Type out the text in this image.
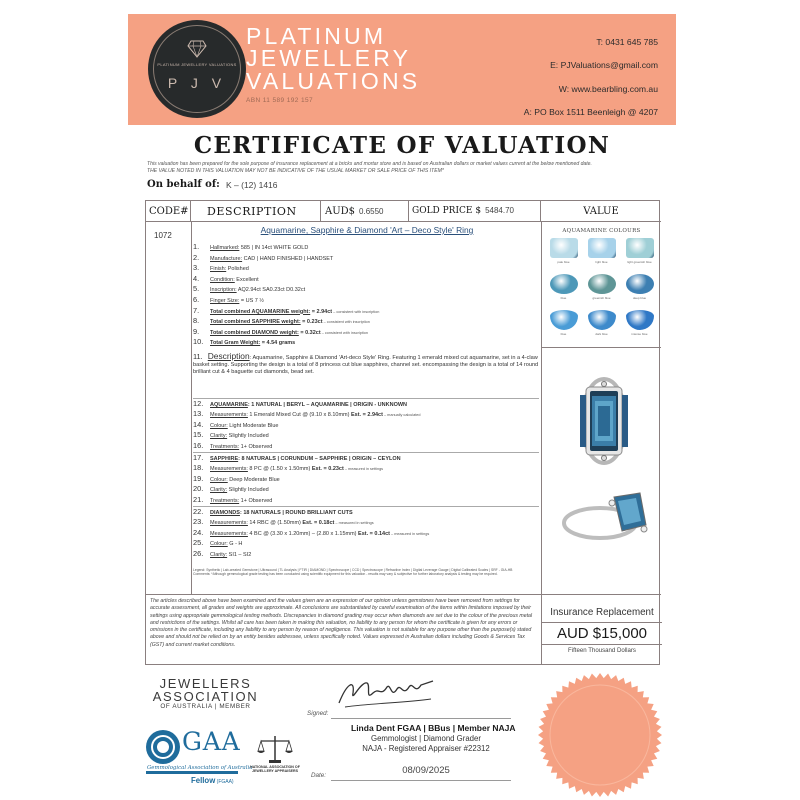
PLATINUM JEWELLERY VALUATIONS
P J V
PLATINUM
JEWELLERY
VALUATIONS
ABN 11 589 192 157
T: 0431 645 785
E: PJValuations@gmail.com
W: www.bearbling.com.au
A: PO Box 1511 Beenleigh @ 4207
CERTIFICATE OF VALUATION
This valuation has been prepared for the sole purpose of insurance replacement at a bricks and mortar store and is based on Australian dollars or market values current at the below mentioned date.
THE VALUE NOTED IN THIS VALUATION MAY NOT BE INDICATIVE OF THE USUAL MARKET OR SALE PRICE OF THIS ITEM*
On behalf of: K – (12) 1416
CODE#	DESCRIPTION	AUD$ 0.6550	GOLD PRICE $ 5484.70	VALUE
1072
Aquamarine, Sapphire & Diamond 'Art – Deco Style' Ring
1. Hallmarked: 585 | IN 14ct WHITE GOLD
2. Manufacture: CAD | HAND FINISHED | HANDSET
3. Finish: Polished
4. Condition: Excellent
5. Inscription: AQ2.94ct SA0.23ct D0.32ct
6. Finger Size: = US 7 ½
7. Total combined AQUAMARINE weight: = 2.94ct – consistent with inscription
8. Total combined SAPPHIRE weight: = 0.23ct – consistent with inscription
9. Total combined DIAMOND weight: = 0.32ct – consistent with inscription
10. Total Gram Weight: = 4.54 grams
11. Description: Aquamarine, Sapphire & Diamond 'Art-deco Style' Ring. Featuring 1 emerald mixed cut aquamarine, set in a 4-claw basket setting. Supporting the design is a total of 8 princess cut blue sapphires, channel set. encompassing the design is a total of 14 round brilliant cut & 4 baguette cut diamonds, bead set.
12. AQUAMARINE: 1 NATURAL | BERYL – AQUAMARINE | ORIGIN - UNKNOWN
13. Measurements: 1 Emerald Mixed Cut @ (9.10 x 8.10mm) Est. = 2.94ct – manually calculated
14. Colour: Light Moderate Blue
15. Clarity: Slightly Included
16. Treatments: 1+ Observed
17. SAPPHIRE: 8 NATURALS | CORUNDUM – SAPPHIRE | ORIGIN – CEYLON
18. Measurements: 8 PC @ (1.50 x 1.50mm) Est. = 0.23ct – measured in settings
19. Colour: Deep Moderate Blue
20. Clarity: Slightly Included
21. Treatments: 1+ Observed
22. DIAMONDS: 18 NATURALS | ROUND BRILLIANT CUTS
23. Measurements: 14 RBC @ (1.50mm) Est. = 0.18ct – measured in settings
24. Measurements: 4 BC @ (3.30 x 1.20mm) – (2.80 x 1.15mm) Est. = 0.14ct – measured in settings
25. Colour: G - H
26. Clarity: SI1 – SI2
Legend: Synthetic | Lab-created Gemstone | Ultrasound | TL Analysis | FTIR | DIAMOND | Spectroscope | CCD | Spectroscope | Refractive Index | Digital Leverage Gauge | Digital Calibrated Scales | SRF - GIA-HB
Comments: *Although gemmological grade testing has been conducted using scientific equipment for this valuation - results may vary & subjective for further laboratory analysis & testing may be required.
AQUAMARINE COLOURS
pale blue	light blue	light greenish blue
blue	greenish blue	deep blue
blue	dark blue	intense blue
The articles described above have been examined and the values given are an expression of our opinion unless gemstones have been removed from settings for accurate assessment, all grades and weights are approximate. All conclusions are substantiated by careful examination of the items within limitations imposed by their settings using appropriate gemmological testing methods. Discrepancies in diamond grading may occur when diamonds are set due to the colour of the precious metal and restrictions of the settings. Whilst all care has been taken in making this valuation, no liability to any person for whom the certificate is given for any errors or omissions in the certificate, including any liability to any person by reason of negligence. This valuation is not suitable for any purpose other than the purpose(s) stated above and should not be relied on by an entity besides addressee, unless specifically noted. Values expressed in Australian dollars including Goods & Services Tax (GST) and current market conditions.
Insurance Replacement
AUD $15,000
Fifteen Thousand Dollars
JEWELLERS
ASSOCIATION
OF AUSTRALIA | MEMBER
GAA
Gemmological Association of Australia
Fellow (FGAA)
NATIONAL ASSOCIATION OF JEWELLERY APPRAISERS
Signed:
Linda Dent FGAA | BBus | Member NAJA
Gemmologist | Diamond Grader
NAJA - Registered Appraiser #22312
Date:	08/09/2025
